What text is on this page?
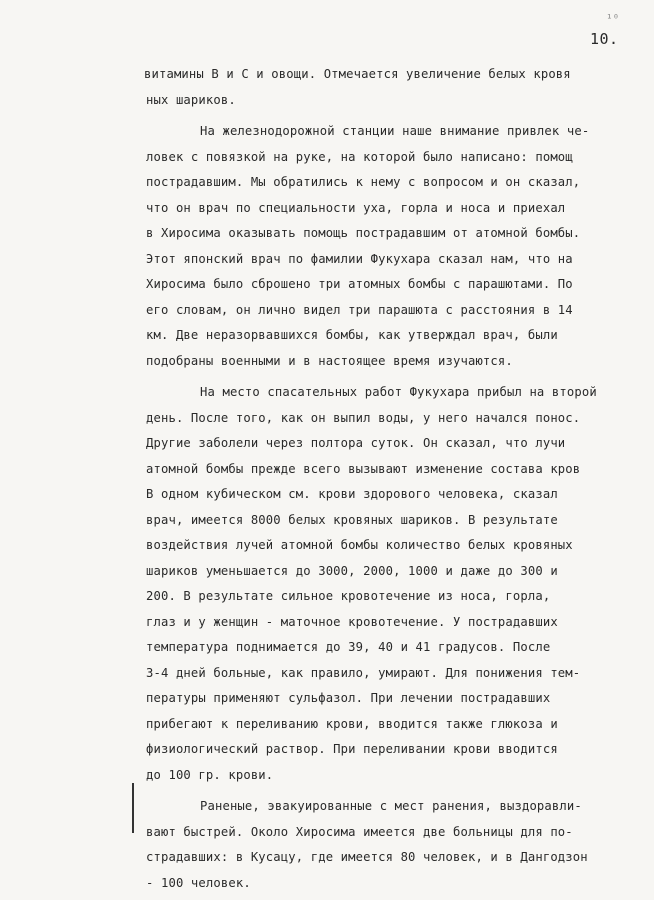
¹⁰
10.
витамины В и С и овощи. Отмечается увеличение белых кровя
ных шариков.
На железнодорожной станции наше внимание привлек че-
ловек с повязкой на руке, на которой было написано: помощ
пострадавшим. Мы обратились к нему с вопросом и он сказал,
что он врач по специальности уха, горла и носа и приехал
в Хиросима оказывать помощь пострадавшим от атомной бомбы.
Этот японский врач по фамилии Фукухара сказал нам, что на
Хиросима было сброшено три атомных бомбы с парашютами. По
его словам, он лично видел три парашюта с расстояния в 14
км. Две неразорвавшихся бомбы, как утверждал врач, были
подобраны военными и в настоящее время изучаются.
На место спасательных работ Фукухара прибыл на второй
день. После того, как он выпил воды, у него начался понос.
Другие заболели через полтора суток. Он сказал, что лучи
атомной бомбы прежде всего вызывают изменение состава кров
В одном кубическом см. крови здорового человека, сказал
врач, имеется 8000 белых кровяных шариков. В результате
воздействия лучей атомной бомбы количество белых кровяных
шариков уменьшается до 3000, 2000, 1000 и даже до 300 и
200. В результате сильное кровотечение из носа, горла,
глаз и у женщин - маточное кровотечение. У пострадавших
температура поднимается до 39, 40 и 41 градусов. После
3-4 дней больные, как правило, умирают. Для понижения тем-
пературы применяют сульфазол. При лечении пострадавших
прибегают к переливанию крови, вводится также глюкоза и
физиологический раствор. При переливании крови вводится
до 100 гр. крови.
Раненые, эвакуированные с мест ранения, выздоравли-
вают быстрей. Около Хиросима имеется две больницы для по-
страдавших: в Кусацу, где имеется 80 человек, и в Дангодзон
- 100 человек.
